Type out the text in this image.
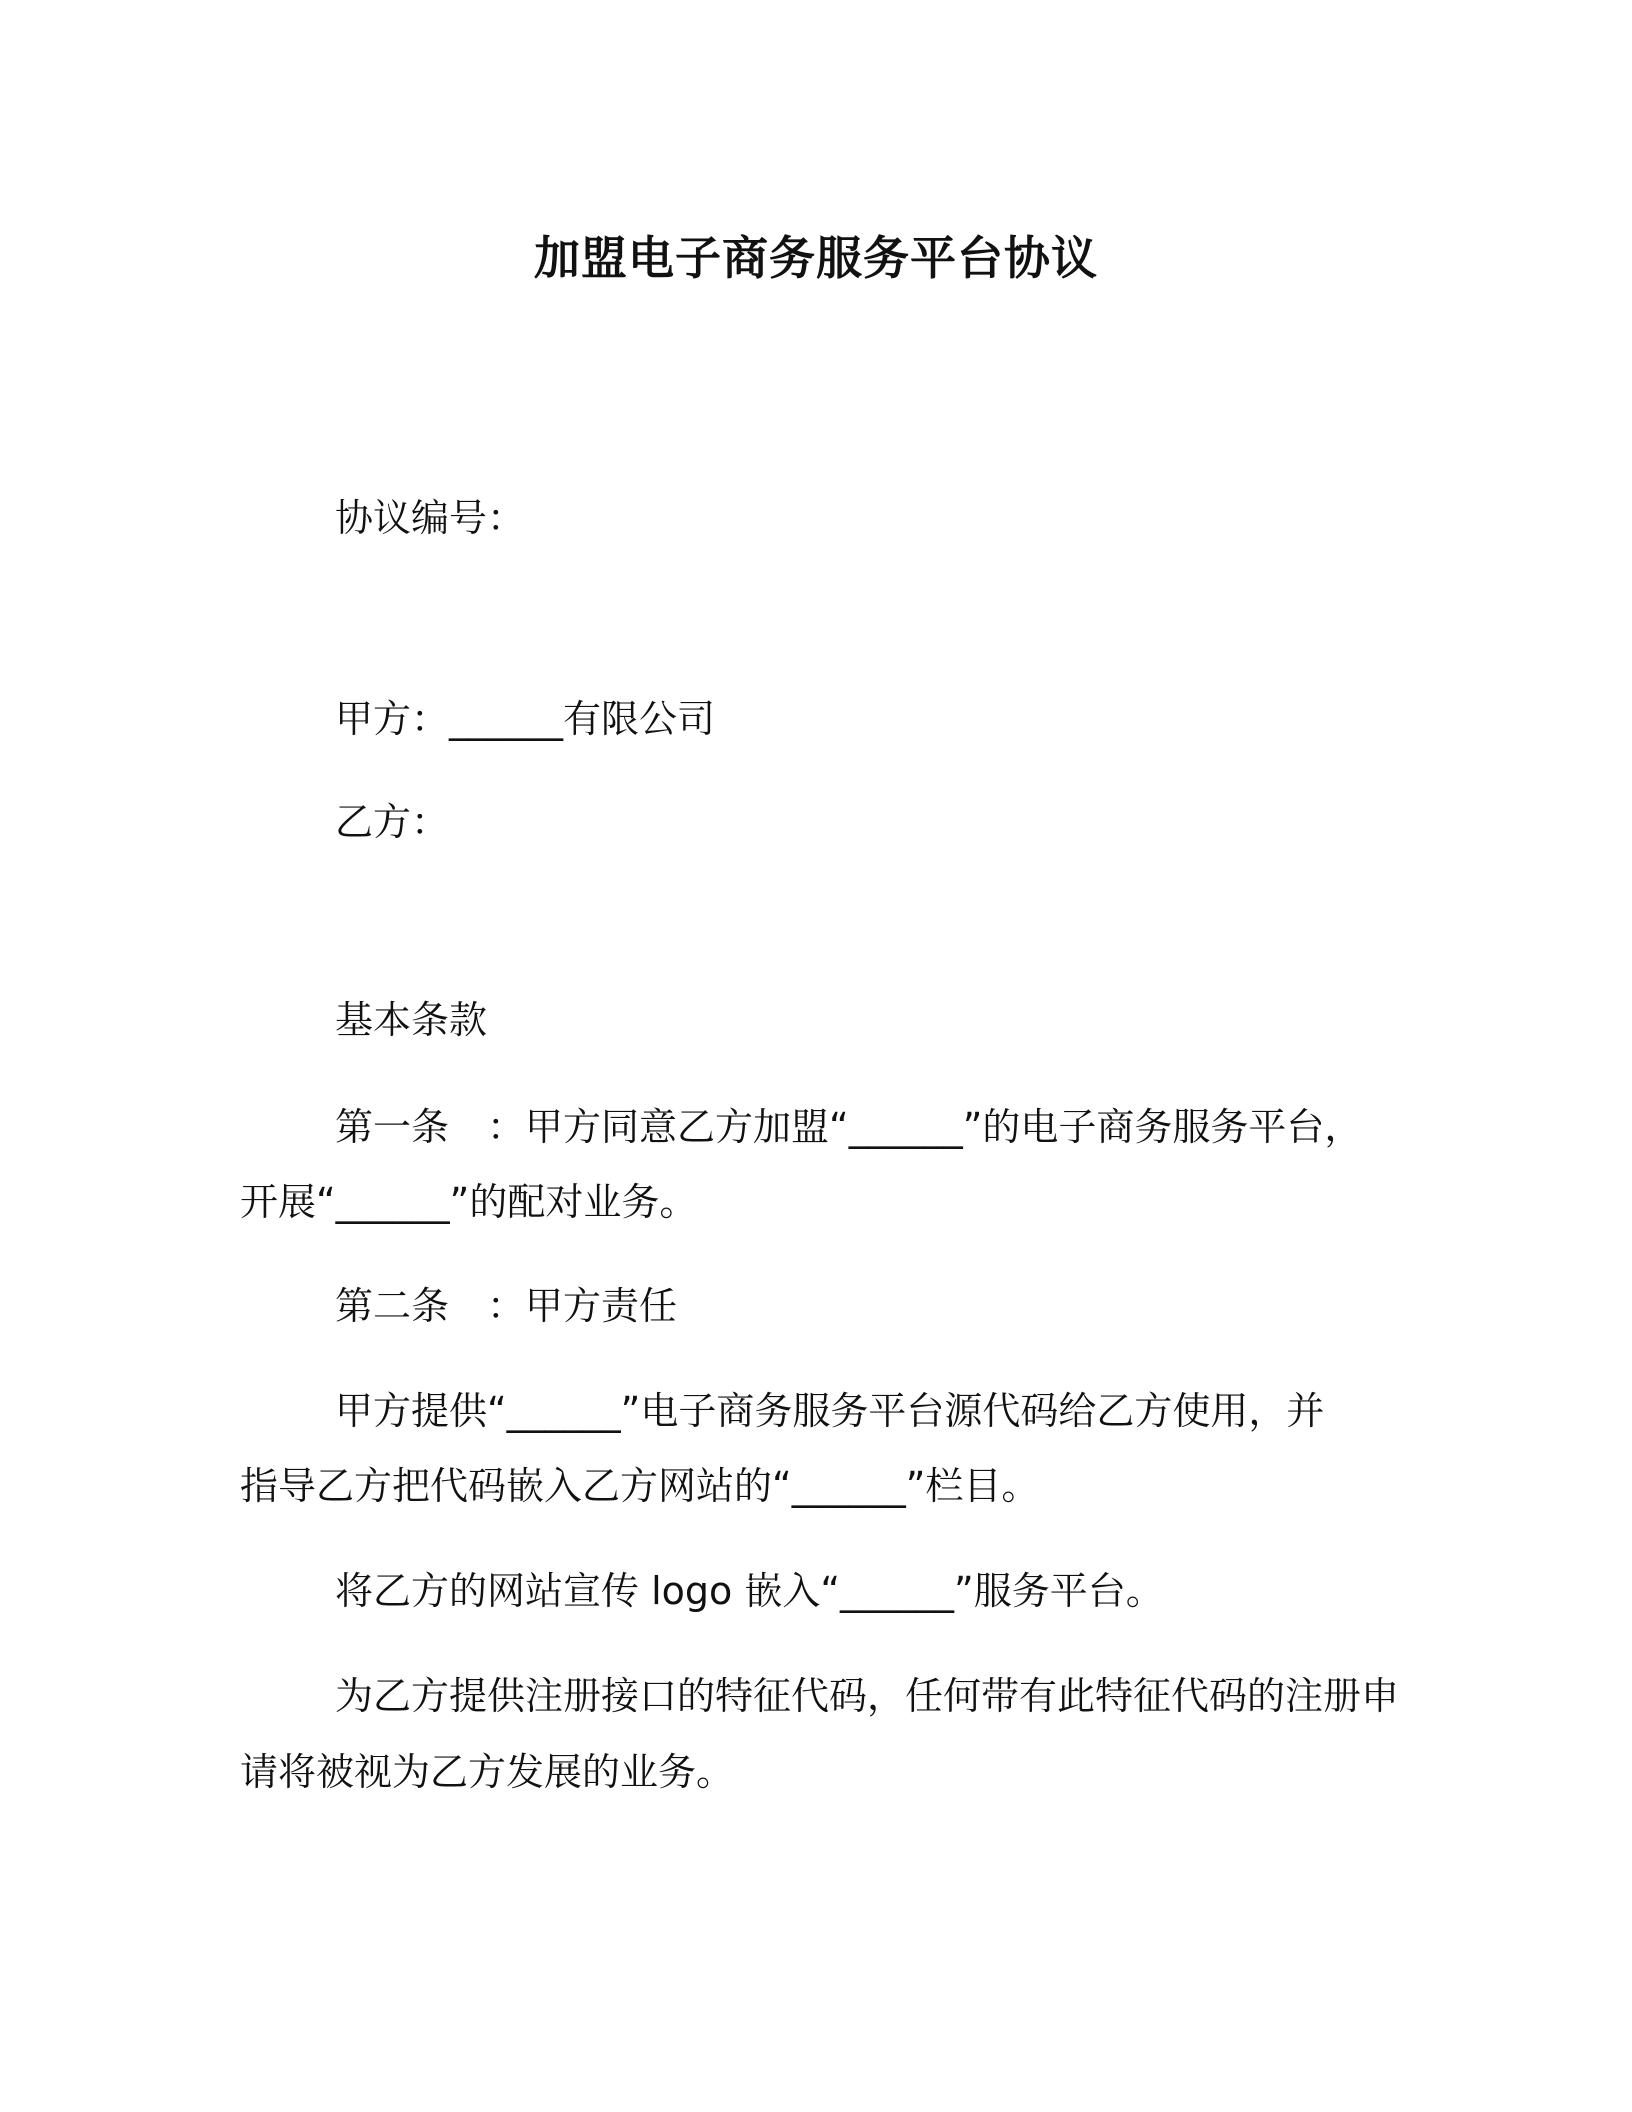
加盟电子商务服务平台协议
协议编号：
甲方：______有限公司
乙方：
基本条款
第一条　：甲方同意乙方加盟“______”的电子商务服务平台，
开展“______”的配对业务。
第二条　：甲方责任
甲方提供“______”电子商务服务平台源代码给乙方使用，并
指导乙方把代码嵌入乙方网站的“______”栏目。
将乙方的网站宣传 logo 嵌入“______”服务平台。
为乙方提供注册接口的特征代码，任何带有此特征代码的注册申
请将被视为乙方发展的业务。
